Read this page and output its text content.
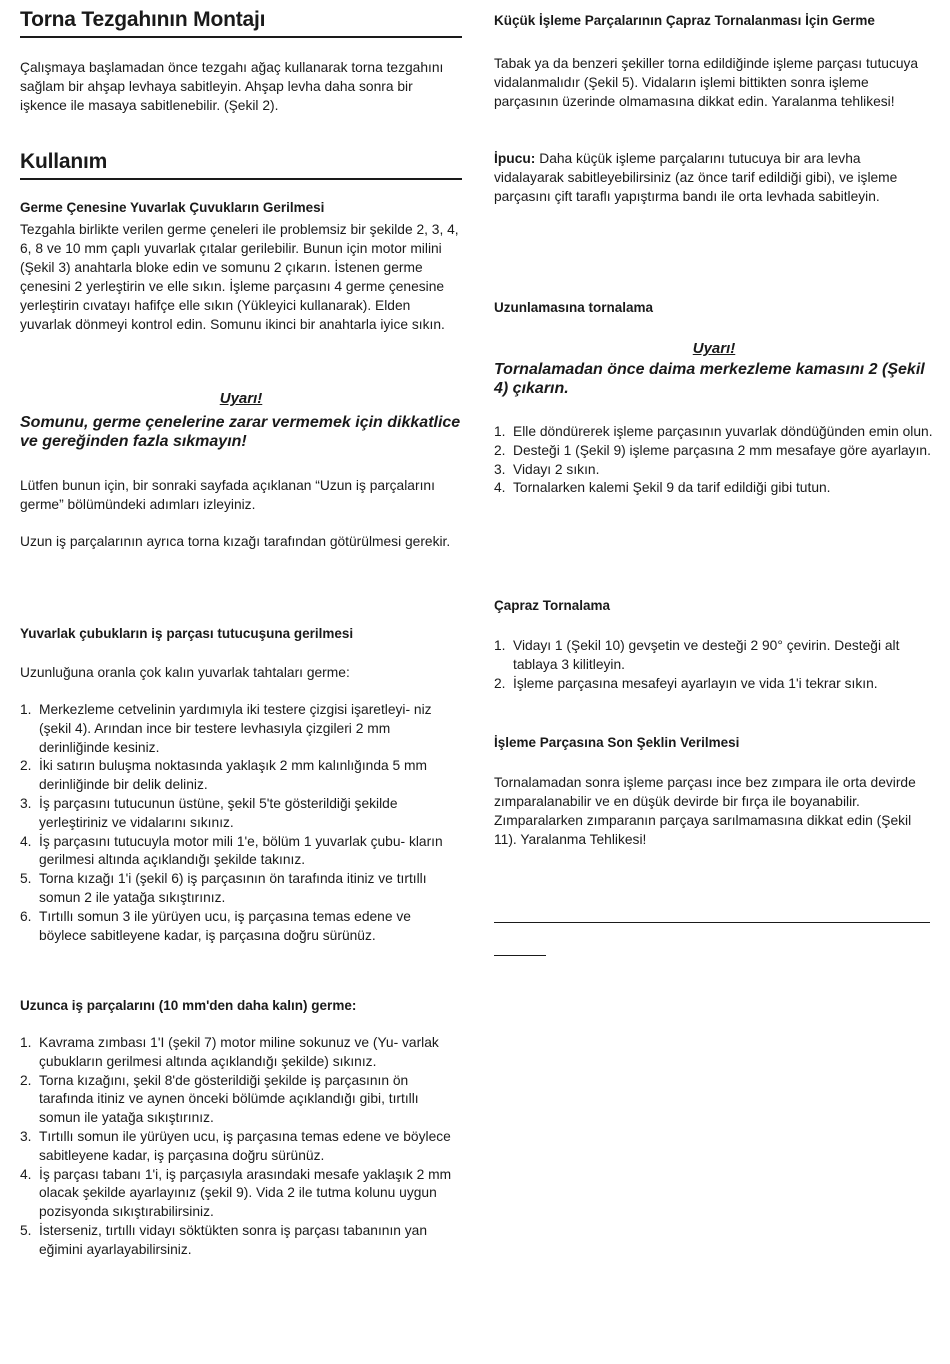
Torna Tezgahının Montajı

Çalışmaya başlamadan önce tezgahı ağaç kullanarak torna tezgahını sağlam bir ahşap levhaya sabitleyin. Ahşap levha daha sonra bir işkence ile masaya sabitlenebilir. (Şekil 2).

Kullanım
Germe Çenesine Yuvarlak Çuvukların Gerilmesi

Tezgahla birlikte verilen germe çeneleri ile problemsiz bir şekilde 2, 3, 4, 6, 8 ve 10 mm çaplı yuvarlak çıtalar gerilebilir. Bunun için motor milini (Şekil 3) anahtarla bloke edin ve somunu 2 çıkarın. İstenen germe çenesini 2 yerleştirin ve elle sıkın. İşleme parçasını 4 germe çenesine yerleştirin cıvatayı hafifçe elle sıkın (Yükleyici kullanarak). Elden yuvarlak dönmeyi kontrol edin. Somunu ikinci bir anahtarla iyice sıkın.

Uyarı!
Somunu, germe çenelerine zarar vermemek için dikkatlice ve gereğinden fazla sıkmayın!

Lütfen bunun için, bir sonraki sayfada açıklanan “Uzun iş parçalarını germe” bölümündeki adımları izleyiniz.

Uzun iş parçalarının ayrıca torna kızağı tarafından götürülmesi gerekir.

Yuvarlak çubukların iş parçası tutucuşuna gerilmesi

Uzunluğuna oranla çok kalın yuvarlak tahtaları germe:

1. Merkezleme cetvelinin yardımıyla iki testere çizgisi işaretleyi- niz (şekil 4). Arından ince bir testere levhasıyla çizgileri 2 mm derinliğinde kesiniz.
2. İki satırın buluşma noktasında yaklaşık 2 mm kalınlığında 5 mm derinliğinde bir delik deliniz.
3. İş parçasını tutucunun üstüne, şekil 5'te gösterildiği şekilde yerleştiriniz ve vidalarını sıkınız.
4. İş parçasını tutucuyla motor mili 1'e, bölüm 1 yuvarlak çubu- kların gerilmesi altında açıklandığı şekilde takınız.
5. Torna kızağı 1'i (şekil 6) iş parçasının ön tarafında itiniz ve tırtıllı somun 2 ile yatağa sıkıştırınız.
6. Tırtıllı somun 3 ile yürüyen ucu, iş parçasına temas edene ve böylece sabitleyene kadar, iş parçasına doğru sürünüz.
Uzunca iş parçalarını (10 mm'den daha kalın) germe:
1. Kavrama zımbası 1'I (şekil 7) motor miline sokunuz ve (Yu- varlak çubukların gerilmesi altında açıklandığı şekilde) sıkınız.
2. Torna kızağını, şekil 8'de gösterildiği şekilde iş parçasının ön tarafında itiniz ve aynen önceki bölümde açıklandığı gibi, tırtıllı somun ile yatağa sıkıştırınız.
3. Tırtıllı somun ile yürüyen ucu, iş parçasına temas edene ve böylece sabitleyene kadar, iş parçasına doğru sürünüz.
4. İş parçası tabanı 1'i, iş parçasıyla arasındaki mesafe yaklaşık 2 mm olacak şekilde ayarlayınız (şekil 9). Vida 2 ile tutma kolunu uygun pozisyonda sıkıştırabilirsiniz.
5. İsterseniz, tırtıllı vidayı söktükten sonra iş parçası tabanının yan eğimini ayarlayabilirsiniz.
Küçük İşleme Parçalarının Çapraz Tornalanması İçin Germe

Tabak ya da benzeri şekiller torna edildiğinde işleme parçası tutucuya vidalanmalıdır (Şekil 5). Vidaların işlemi bittikten sonra işleme parçasının üzerinde olmamasına dikkat edin. Yaralanma tehlikesi!

İpucu: Daha küçük işleme parçalarını tutucuya bir ara levha vidalayarak sabitleyebilirsiniz (az önce tarif edildiği gibi), ve işleme parçasını çift taraflı yapıştırma bandı ile orta levhada sabitleyin.

Uzunlamasına tornalama
Uyarı!
Tornalamadan önce daima merkezleme kamasını 2 (Şekil 4) çıkarın.
1. Elle döndürerek işleme parçasının yuvarlak döndüğünden emin olun.
2. Desteği 1 (Şekil 9) işleme parçasına 2 mm mesafaye göre ayarlayın.
3. Vidayı 2 sıkın.
4. Tornalarken kalemi Şekil 9 da tarif edildiği gibi tutun.
Çapraz Tornalama
1. Vidayı 1 (Şekil 10) gevşetin ve desteği 2 90° çevirin. Desteği alt tablaya 3 kilitleyin.
2. İşleme parçasına mesafeyi ayarlayın ve vida 1'i tekrar sıkın.
İşleme Parçasına Son Şeklin Verilmesi

Tornalamadan sonra işleme parçası ince bez zımpara ile orta devirde zımparalanabilir ve en düşük devirde bir fırça ile boyanabilir. Zımparalarken zımparanın parçaya sarılmamasına dikkat edin (Şekil 11). Yaralanma Tehlikesi!
